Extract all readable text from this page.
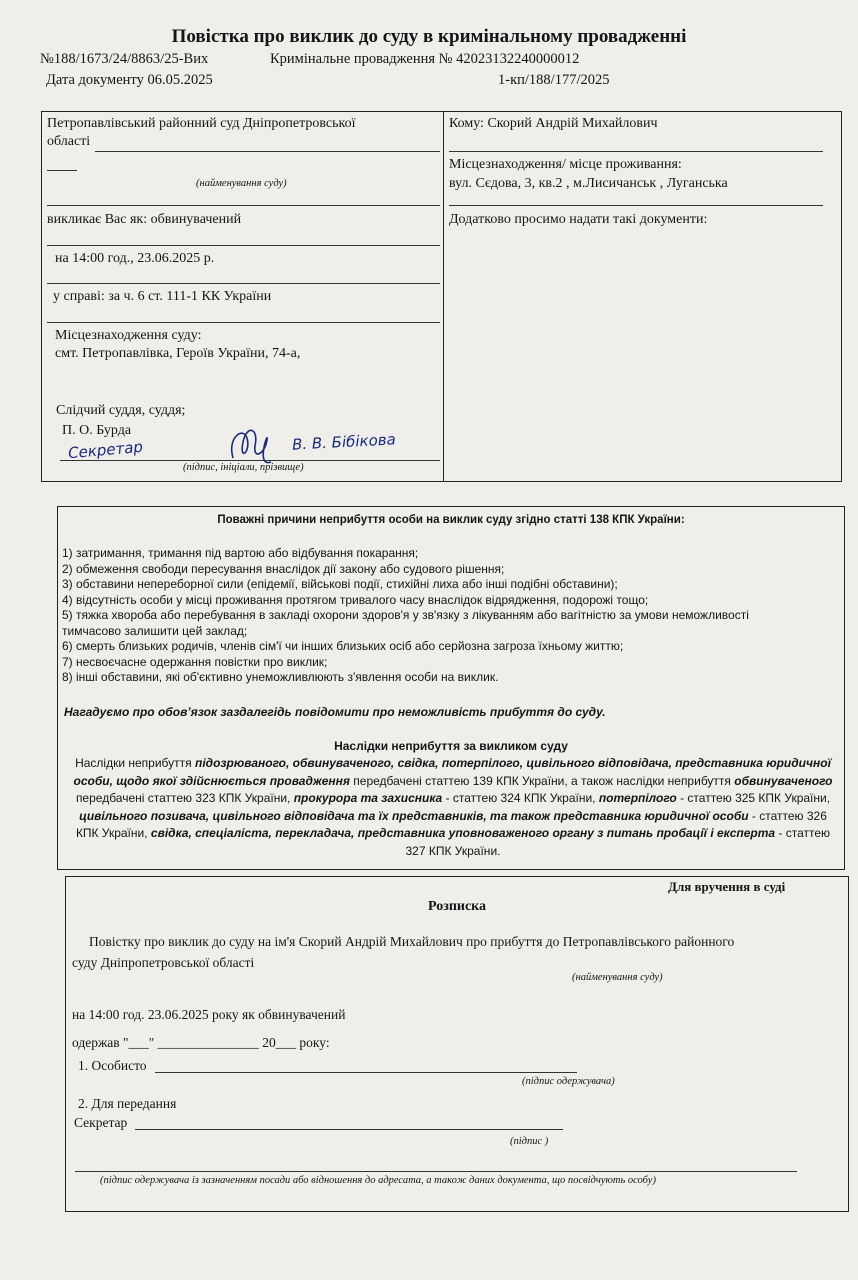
Повістка про виклик до суду в кримінальному провадженні
№188/1673/24/8863/25-Вих	Кримінальне провадження № 42023132240000012
Дата документу 06.05.2025	1-кп/188/177/2025
Петропавлівський районний суд Дніпропетровської
області
(найменування суду)
викликає Вас як: обвинувачений
на 14:00 год., 23.06.2025 р.
у справі: за ч. 6 ст. 111-1 КК України
Місцезнаходження суду:
смт. Петропавлівка, Героїв України, 74-а,
Слідчий суддя, суддя;
П. О. Бурда
(підпис, ініціали, прізвище)
Секретар	В. В. Бібікова
Кому: Скорий Андрій Михайлович
Місцезнаходження/ місце проживання:
вул. Сєдова, 3, кв.2 , м.Лисичанськ , Луганська
Додатково просимо надати такі документи:
Поважні причини неприбуття особи на виклик суду згідно статті 138 КПК України:
1) затримання, тримання під вартою або відбування покарання;
2) обмеження свободи пересування внаслідок дії закону або судового рішення;
3) обставини непереборної сили (епідемії, військові події, стихійні лиха або інші подібні обставини);
4) відсутність особи у місці проживання протягом тривалого часу внаслідок відрядження, подорожі тощо;
5) тяжка хвороба або перебування в закладі охорони здоров'я у зв'язку з лікуванням або вагітністю за умови неможливості
тимчасово залишити цей заклад;
6) смерть близьких родичів, членів сім'ї чи інших близьких осіб або серйозна загроза їхньому життю;
7) несвоєчасне одержання повістки про виклик;
8) інші обставини, які об'єктивно унеможливлюють з'явлення особи на виклик.
Нагадуємо про обов’язок заздалегідь повідомити про неможливість прибуття до суду.
Наслідки неприбуття за викликом суду
Наслідки неприбуття підозрюваного, обвинуваченого, свідка, потерпілого, цивільного відповідача, представника юридичної особи, щодо якої здійснюється провадження передбачені статтею 139 КПК України, а також наслідки неприбуття обвинуваченого передбачені статтею 323 КПК України, прокурора та захисника - статтею 324 КПК України, потерпілого - статтею 325 КПК України, цивільного позивача, цивільного відповідача та їх представників, та також представника юридичної особи - статтею 326 КПК України, свідка, спеціаліста, перекладача, представника уповноваженого органу з питань пробації і експерта - статтею 327 КПК України.
Для вручення в суді
Розписка
Повістку про виклик до суду на ім'я Скорий Андрій Михайлович про прибуття до Петропавлівського районного
суду Дніпропетровської області
(найменування суду)
на 14:00 год. 23.06.2025 року як обвинувачений
одержав "___" _______________ 20___ року:
1. Особисто
(підпис одержувача)
2. Для передання
Секретар
(підпис )
(підпис одержувача із зазначенням посади або відношення до адресата, а також даних документа, що посвідчують особу)
